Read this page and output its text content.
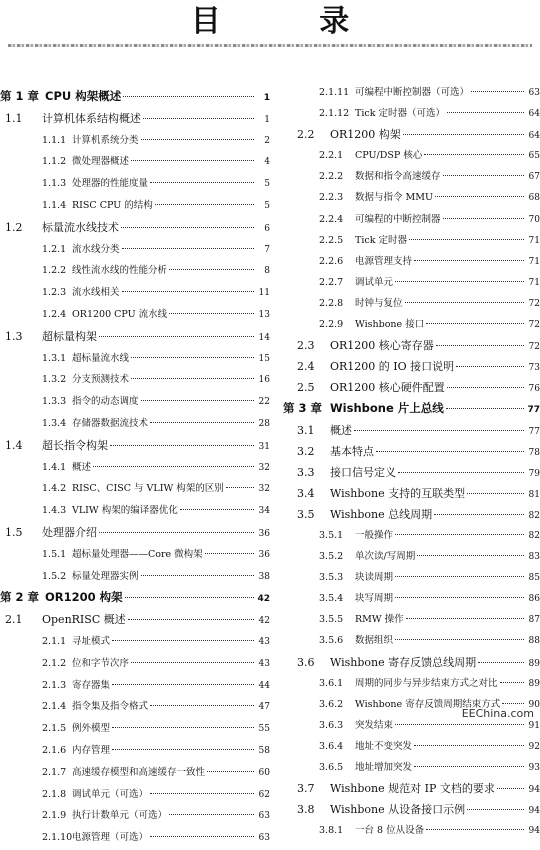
目 录
第 1 章 CPU 构架概述	1
1.1	计算机体系结构概述	1
1.1.1 计算机系统分类	2
1.1.2 微处理器概述	4
1.1.3 处理器的性能度量	5
1.1.4 RISC CPU 的结构	5
1.2	标量流水线技术	6
1.2.1 流水线分类	7
1.2.2 线性流水线的性能分析	8
1.2.3 流水线相关	11
1.2.4 OR1200 CPU 流水线	13
1.3	超标量构架	14
1.3.1 超标量流水线	15
1.3.2 分支预测技术	16
1.3.3 指令的动态调度	22
1.3.4 存储器数据流技术	28
1.4	超长指令构架	31
1.4.1 概述	32
1.4.2 RISC、CISC 与 VLIW 构架的区别	32
1.4.3 VLIW 构架的编译器优化	34
1.5	处理器介绍	36
1.5.1 超标量处理器——Core 微构架	36
1.5.2 标量处理器实例	38
第 2 章 OR1200 构架	42
2.1	OpenRISC 概述	42
2.1.1 寻址模式	43
2.1.2 位和字节次序	43
2.1.3 寄存器集	44
2.1.4 指令集及指令格式	47
2.1.5 例外模型	55
2.1.6 内存管理	58
2.1.7 高速缓存模型和高速缓存一致性	60
2.1.8 调试单元（可选）	62
2.1.9 执行计数单元（可选）	63
2.1.10 电源管理（可选）	63
2.1.11 可编程中断控制器（可选）	63
2.1.12 Tick 定时器（可选）	64
2.2	OR1200 构架	64
2.2.1	CPU/DSP 核心	65
2.2.2	数据和指令高速缓存	67
2.2.3	数据与指令 MMU	68
2.2.4	可编程的中断控制器	70
2.2.5	Tick 定时器	71
2.2.6	电源管理支持	71
2.2.7	调试单元	71
2.2.8	时钟与复位	72
2.2.9	Wishbone 接口	72
2.3	OR1200 核心寄存器	72
2.4	OR1200 的 IO 接口说明	73
2.5	OR1200 核心硬件配置	76
第 3 章 Wishbone 片上总线	77
3.1	概述	77
3.2	基本特点	78
3.3	接口信号定义	79
3.4	Wishbone 支持的互联类型	81
3.5	Wishbone 总线周期	82
3.5.1	一般操作	82
3.5.2	单次读/写周期	83
3.5.3	块读周期	85
3.5.4	块写周期	86
3.5.5	RMW 操作	87
3.5.6	数据组织	88
3.6	Wishbone 寄存反馈总线周期	89
3.6.1	周期的同步与异步结束方式之对比	89
3.6.2	Wishbone 寄存反馈周期结束方式	90
3.6.3	突发结束	91
3.6.4	地址不变突发	92
3.6.5	地址增加突发	93
3.7	Wishbone 规范对 IP 文档的要求	94
3.8	Wishbone 从设备接口示例	94
3.8.1	一台 8 位从设备	94
EEChina.com
